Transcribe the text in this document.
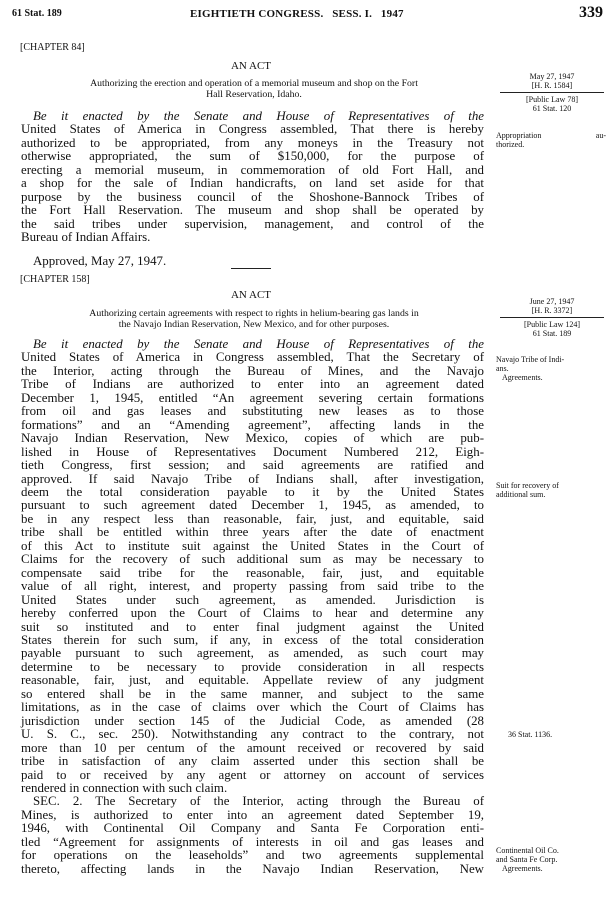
61 Stat. 189	EIGHTIETH CONGRESS.   SESS. I.   1947	339
[CHAPTER 84]
AN ACT
Authorizing the erection and operation of a memorial museum and shop on the Fort
Hall Reservation, Idaho.
Be it enacted by the Senate and House of Representatives of the
United States of America in Congress assembled, That there is hereby
authorized to be appropriated, from any moneys in the Treasury not
otherwise appropriated, the sum of $150,000, for the purpose of
erecting a memorial museum, in commemoration of old Fort Hall, and
a shop for the sale of Indian handicrafts, on land set aside for that
purpose by the business council of the Shoshone-Bannock Tribes of
the Fort Hall Reservation. The museum and shop shall be operated by
the said tribes under supervision, management, and control of the
Bureau of Indian Affairs.
Approved, May 27, 1947.
May 27, 1947
[H. R. 1584]
[Public Law 78]
61 Stat. 120
Appropriation au-
thorized.
[CHAPTER 158]
AN ACT
Authorizing certain agreements with respect to rights in helium-bearing gas lands in
the Navajo Indian Reservation, New Mexico, and for other purposes.
Be it enacted by the Senate and House of Representatives of the
United States of America in Congress assembled, That the Secretary of
the Interior, acting through the Bureau of Mines, and the Navajo
Tribe of Indians are authorized to enter into an agreement dated
December 1, 1945, entitled “An agreement severing certain formations
from oil and gas leases and substituting new leases as to those
formations” and an “Amending agreement”, affecting lands in the
Navajo Indian Reservation, New Mexico, copies of which are pub-
lished in House of Representatives Document Numbered 212, Eigh-
tieth Congress, first session; and said agreements are ratified and
approved. If said Navajo Tribe of Indians shall, after investigation,
deem the total consideration payable to it by the United States
pursuant to such agreement dated December 1, 1945, as amended, to
be in any respect less than reasonable, fair, just, and equitable, said
tribe shall be entitled within three years after the date of enactment
of this Act to institute suit against the United States in the Court of
Claims for the recovery of such additional sum as may be necessary to
compensate said tribe for the reasonable, fair, just, and equitable
value of all right, interest, and property passing from said tribe to the
United States under such agreement, as amended. Jurisdiction is
hereby conferred upon the Court of Claims to hear and determine any
suit so instituted and to enter final judgment against the United
States therein for such sum, if any, in excess of the total consideration
payable pursuant to such agreement, as amended, as such court may
determine to be necessary to provide consideration in all respects
reasonable, fair, just, and equitable. Appellate review of any judgment
so entered shall be in the same manner, and subject to the same
limitations, as in the case of claims over which the Court of Claims has
jurisdiction under section 145 of the Judicial Code, as amended (28
U. S. C., sec. 250). Notwithstanding any contract to the contrary, not
more than 10 per centum of the amount received or recovered by said
tribe in satisfaction of any claim asserted under this section shall be
paid to or received by any agent or attorney on account of services
rendered in connection with such claim.
SEC. 2. The Secretary of the Interior, acting through the Bureau of
Mines, is authorized to enter into an agreement dated September 19,
1946, with Continental Oil Company and Santa Fe Corporation enti-
tled “Agreement for assignments of interests in oil and gas leases and
for operations on the leaseholds” and two agreements supplemental
thereto, affecting lands in the Navajo Indian Reservation, New
June 27, 1947
[H. R. 3372]
[Public Law 124]
61 Stat. 189
Navajo Tribe of Indi-
ans.
Agreements.
Suit for recovery of
additional sum.
36 Stat. 1136.
Continental Oil Co.
and Santa Fe Corp.
Agreements.
